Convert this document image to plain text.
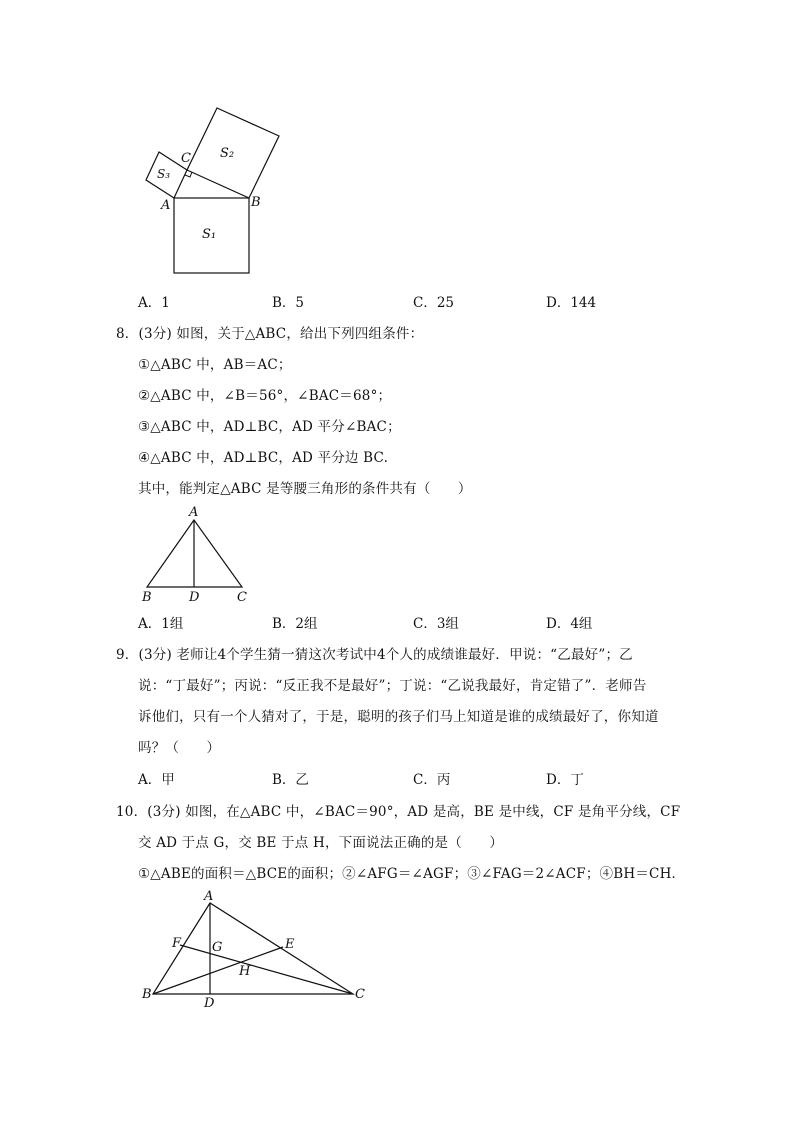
S₂
S₃
S₁
C
A	B
A．1	B．5	C．25	D．144
8．(3分) 如图，关于△ABC，给出下列四组条件：
①△ABC 中，AB＝AC；
②△ABC 中，∠B＝56°，∠BAC＝68°；
③△ABC 中，AD⊥BC，AD 平分∠BAC；
④△ABC 中，AD⊥BC，AD 平分边 BC.
其中，能判定△ABC 是等腰三角形的条件共有（　　）
A
B	D	C
A．1组	B．2组	C．3组	D．4组
9．(3分) 老师让4个学生猜一猜这次考试中4个人的成绩谁最好．甲说：“乙最好”；乙
说：“丁最好”；丙说：“反正我不是最好”；丁说：“乙说我最好，肯定错了”．老师告
诉他们，只有一个人猜对了，于是，聪明的孩子们马上知道是谁的成绩最好了，你知道
吗？（　　）
A．甲	B．乙	C．丙	D．丁
10．(3分) 如图，在△ABC 中，∠BAC＝90°，AD 是高，BE 是中线，CF 是角平分线，CF
交 AD 于点 G，交 BE 于点 H，下面说法正确的是（　　）
①△ABE的面积＝△BCE的面积；②∠AFG＝∠AGF；③∠FAG＝2∠ACF；④BH＝CH．
A
F G	E
H
B
D
C
